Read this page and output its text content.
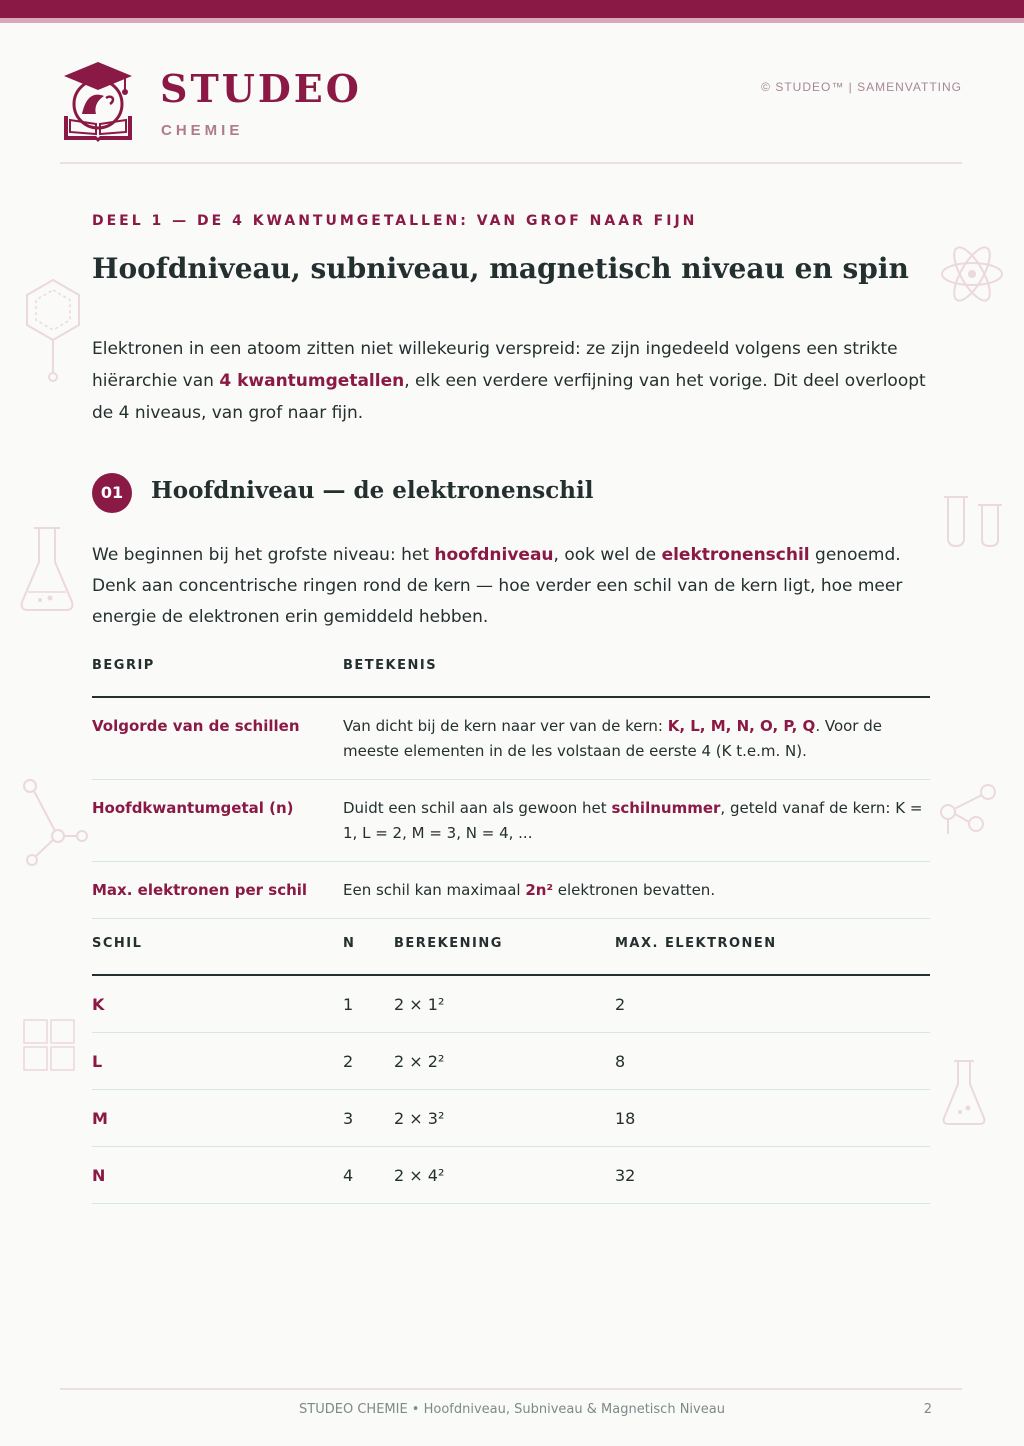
STUDEO
CHEMIE
© STUDEO™ | SAMENVATTING
DEEL 1 — DE 4 KWANTUMGETALLEN: VAN GROF NAAR FIJN
Hoofdniveau, subniveau, magnetisch niveau en spin
Elektronen in een atoom zitten niet willekeurig verspreid: ze zijn ingedeeld volgens een strikte hiërarchie van 4 kwantumgetallen, elk een verdere verfijning van het vorige. Dit deel overloopt de 4 niveaus, van grof naar fijn.
01	Hoofdniveau — de elektronenschil
We beginnen bij het grofste niveau: het hoofdniveau, ook wel de elektronenschil genoemd. Denk aan concentrische ringen rond de kern — hoe verder een schil van de kern ligt, hoe meer energie de elektronen erin gemiddeld hebben.
BEGRIP	BETEKENIS
Volgorde van de schillen	Van dicht bij de kern naar ver van de kern: K, L, M, N, O, P, Q. Voor de meeste elementen in de les volstaan de eerste 4 (K t.e.m. N).
Hoofdkwantumgetal (n)	Duidt een schil aan als gewoon het schilnummer, geteld vanaf de kern: K = 1, L = 2, M = 3, N = 4, ...
Max. elektronen per schil	Een schil kan maximaal 2n² elektronen bevatten.
SCHIL	N	BEREKENING	MAX. ELEKTRONEN
K	1	2 × 1²	2
L	2	2 × 2²	8
M	3	2 × 3²	18
N	4	2 × 4²	32
STUDEO CHEMIE • Hoofdniveau, Subniveau & Magnetisch Niveau	2
